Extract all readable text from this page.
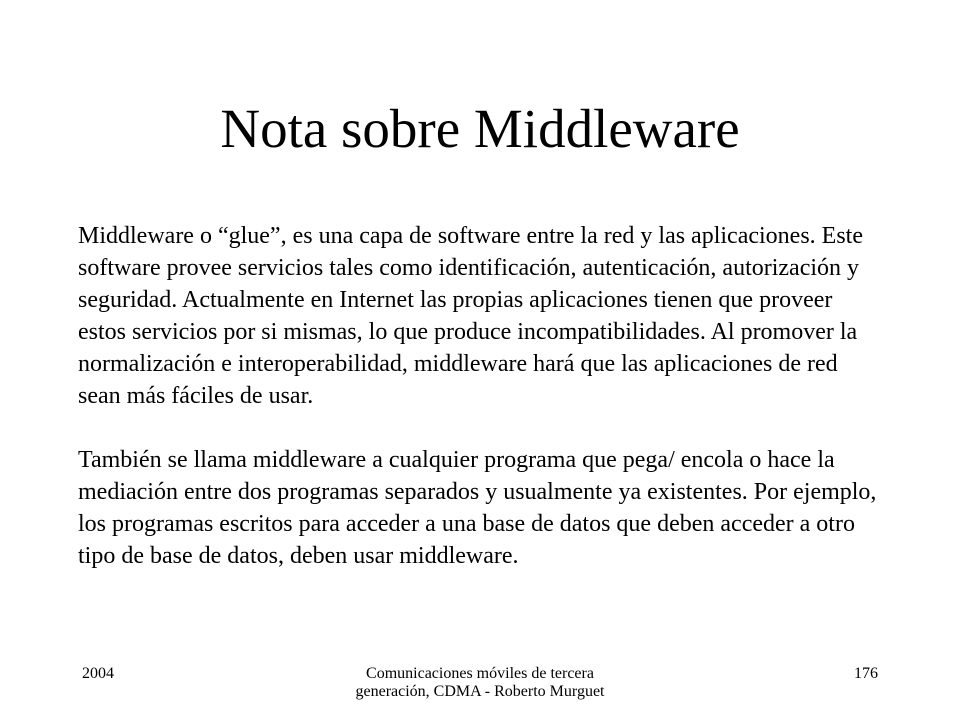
Nota sobre Middleware

Middleware o “glue”, es una capa de software entre la red y las aplicaciones. Este software provee servicios tales como identificación, autenticación, autorización y seguridad. Actualmente en Internet las propias aplicaciones tienen que proveer estos servicios por si mismas, lo que produce incompatibilidades. Al promover la normalización e interoperabilidad, middleware hará que las aplicaciones de red sean más fáciles de usar.

También se llama middleware a cualquier programa que pega/ encola o hace la mediación entre dos programas separados y usualmente ya existentes. Por ejemplo, los programas escritos para acceder a una base de datos que deben acceder a otro tipo de base de datos, deben usar middleware.

2004	Comunicaciones móviles de tercera generación, CDMA - Roberto Murguet
176
